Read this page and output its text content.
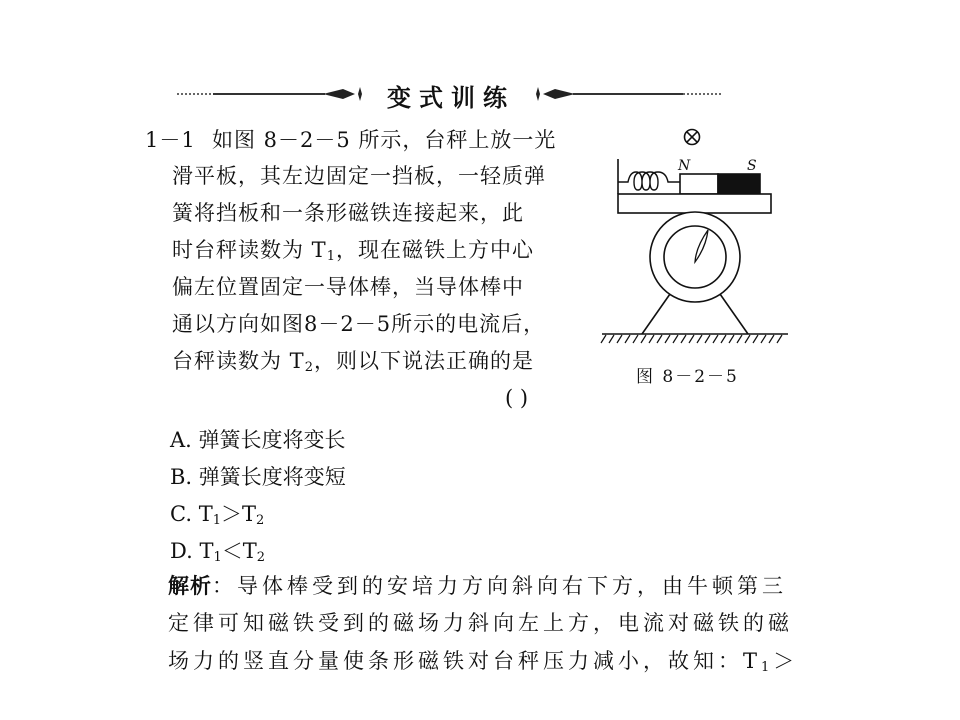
变式训练
1－1 如图 8－2－5 所示，台秤上放一光
滑平板，其左边固定一挡板，一轻质弹
簧将挡板和一条形磁铁连接起来，此
时台秤读数为 $T_1$，现在磁铁上方中心
偏左位置固定一导体棒，当导体棒中
通以方向如图8－2－5所示的电流后，
台秤读数为 $T_2$，则以下说法正确的是
( )
A. 弹簧长度将变长
B. 弹簧长度将变短
C. $T_1>T_2$
D. $T_1<T_2$
解析：导体棒受到的安培力方向斜向右下方，由牛顿第三
定律可知磁铁受到的磁场力斜向左上方，电流对磁铁的磁
场力的竖直分量使条形磁铁对台秤压力减小，故知：$T_1>$
N	S
图 8－2－5
